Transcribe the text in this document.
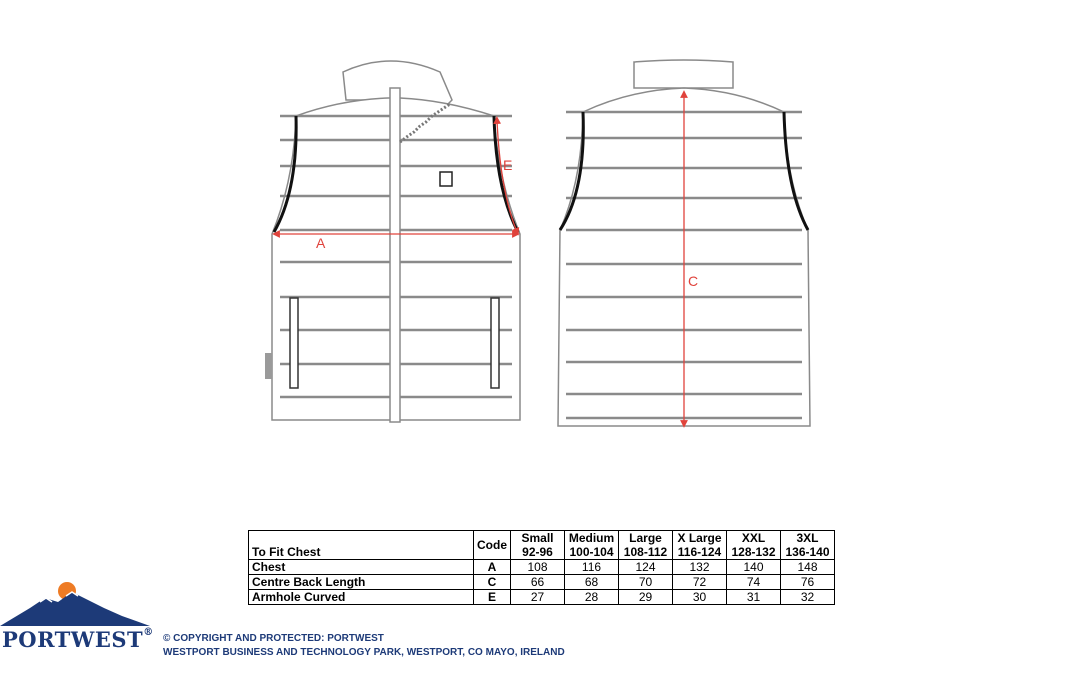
A
E
C
To Fit Chest	Code	Small	Medium	Large	X Large	XXL	3XL
		92-96	100-104	108-112	116-124	128-132	136-140
Chest	A	108	116	124	132	140	148
Centre Back Length	C	66	68	70	72	74	76
Armhole Curved	E	27	28	29	30	31	32
PORTWEST®
© COPYRIGHT AND PROTECTED: PORTWEST
WESTPORT BUSINESS AND TECHNOLOGY PARK, WESTPORT, CO MAYO, IRELAND
